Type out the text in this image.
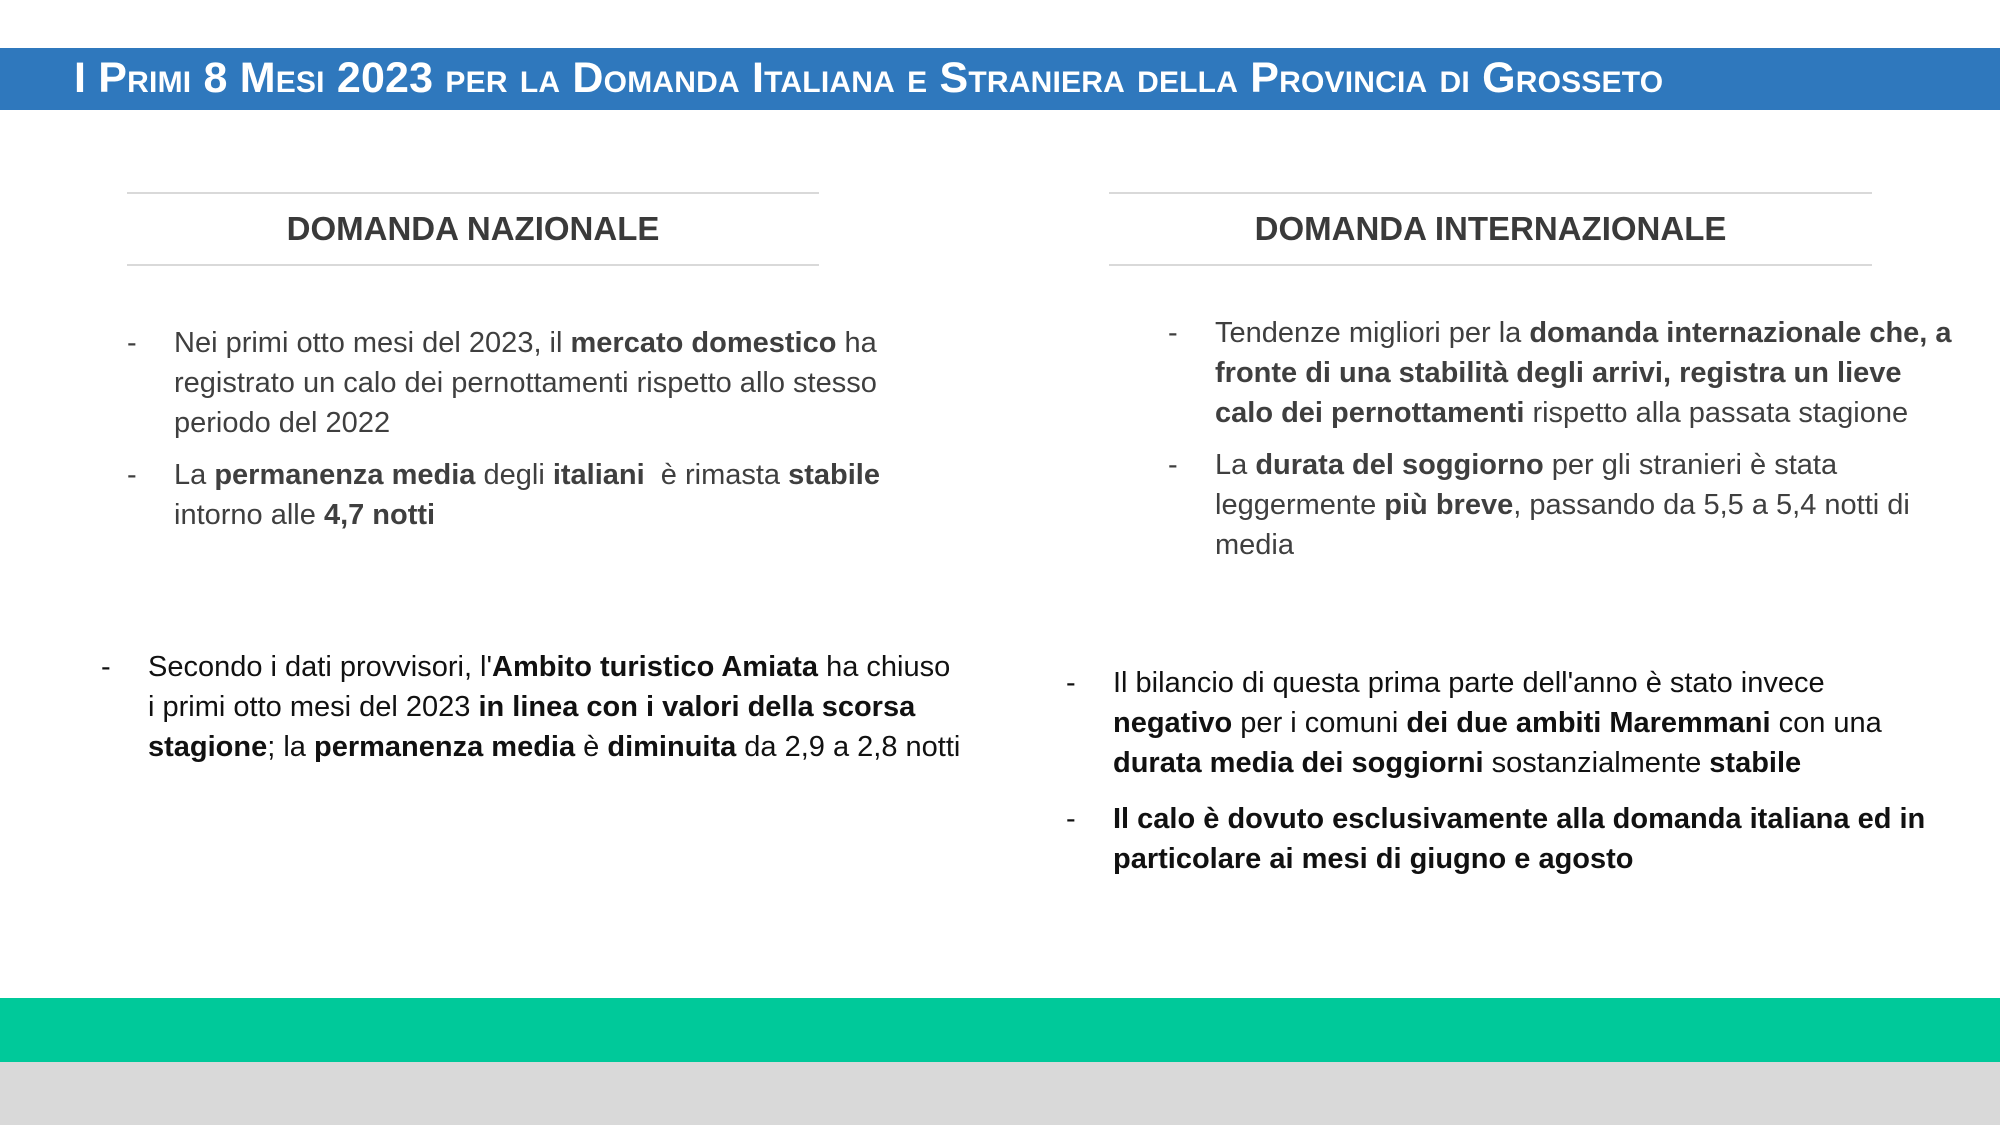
I Primi 8 Mesi 2023 per la Domanda Italiana e Straniera della Provincia di Grosseto
DOMANDA NAZIONALE
- Nei primi otto mesi del 2023, il mercato domestico ha registrato un calo dei pernottamenti rispetto allo stesso periodo del 2022
- La permanenza media degli italiani  è rimasta stabile intorno alle 4,7 notti
- Secondo i dati provvisori, l'Ambito turistico Amiata ha chiuso i primi otto mesi del 2023 in linea con i valori della scorsa stagione; la permanenza media è diminuita da 2,9 a 2,8 notti
DOMANDA INTERNAZIONALE
- Tendenze migliori per la domanda internazionale che, a fronte di una stabilità degli arrivi, registra un lieve calo dei pernottamenti rispetto alla passata stagione
- La durata del soggiorno per gli stranieri è stata leggermente più breve, passando da 5,5 a 5,4 notti di media
- Il bilancio di questa prima parte dell'anno è stato invece negativo per i comuni dei due ambiti Maremmani con una durata media dei soggiorni sostanzialmente stabile
- Il calo è dovuto esclusivamente alla domanda italiana ed in particolare ai mesi di giugno e agosto
